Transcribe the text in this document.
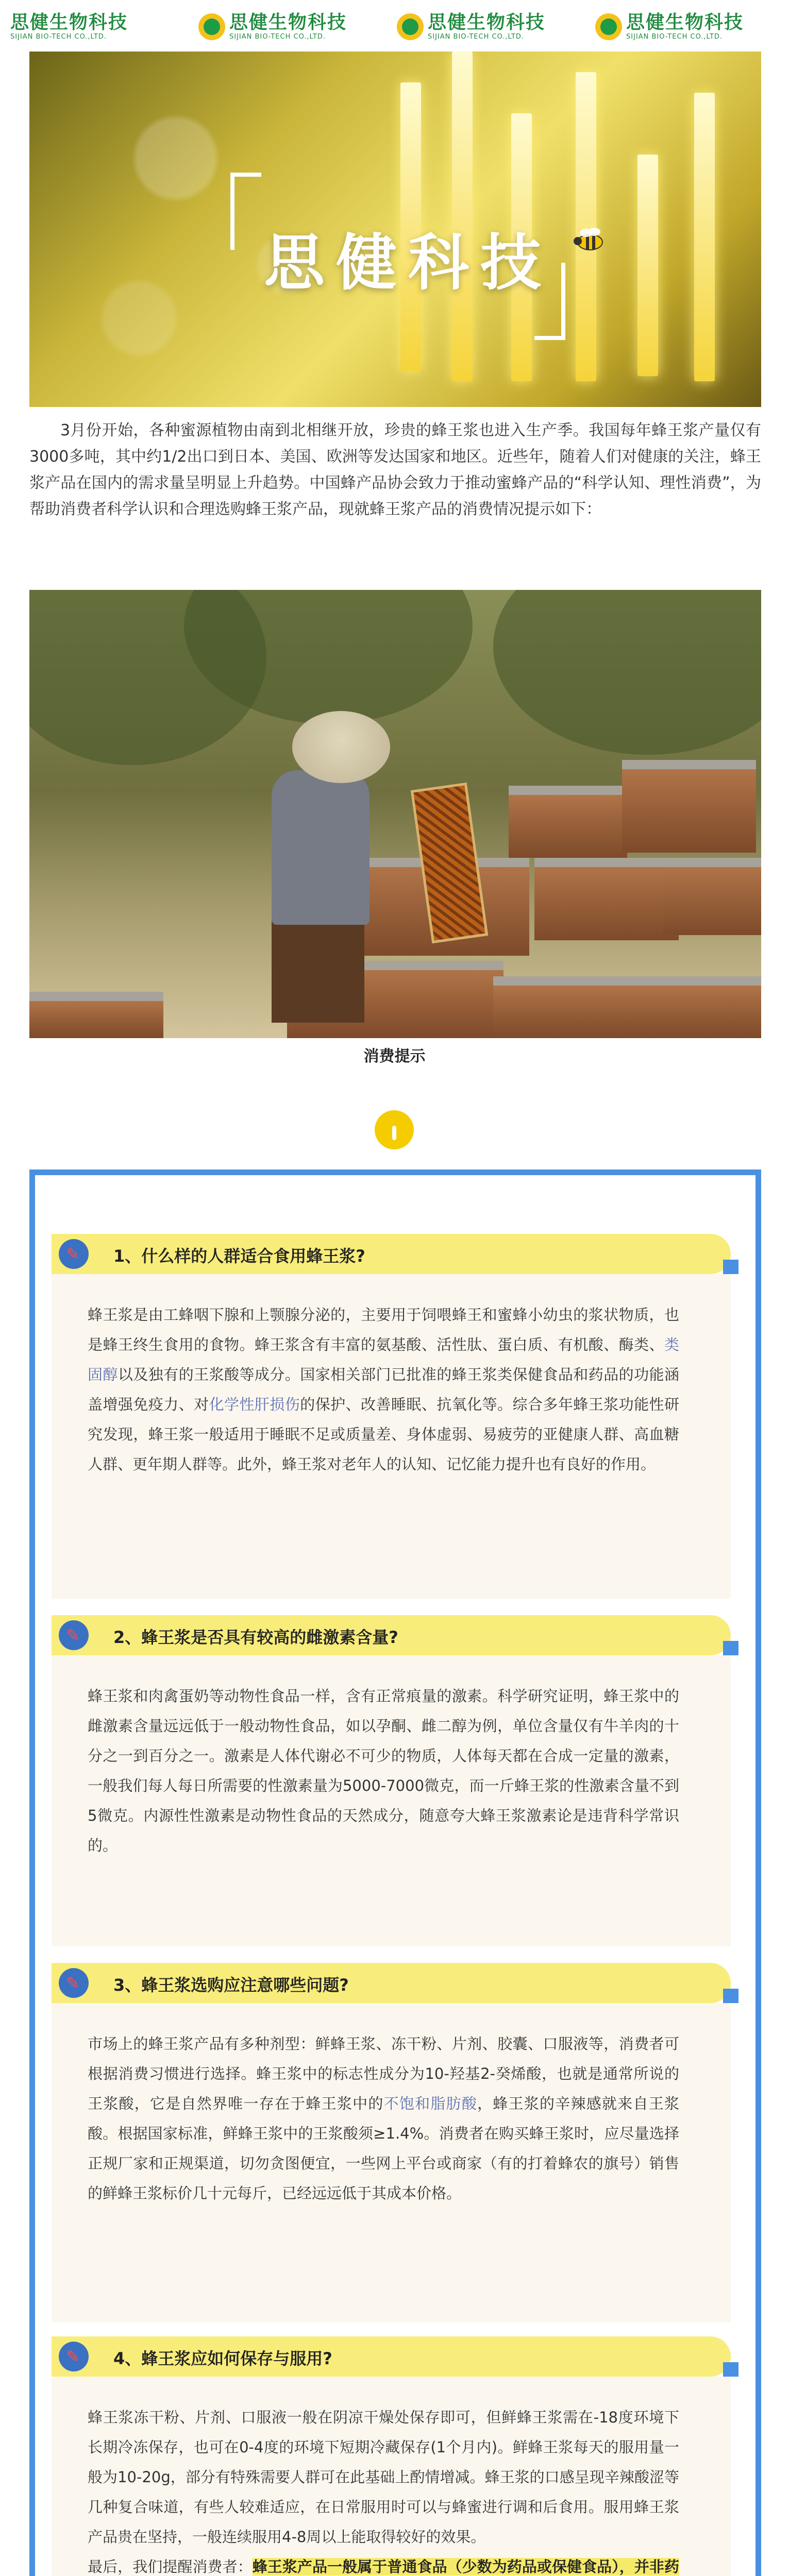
思健生物科技
SIJIAN BIO-TECH CO.,LTD.
思健生物科技
SIJIAN BIO-TECH CO.,LTD.
思健生物科技
SIJIAN BIO-TECH CO.,LTD.
思健生物科技
SIJIAN BIO-TECH CO.,LTD.
思健科技

3月份开始，各种蜜源植物由南到北相继开放，珍贵的蜂王浆也进入生产季。我国每年蜂王浆产量仅有3000多吨，其中约1/2出口到日本、美国、欧洲等发达国家和地区。近些年，随着人们对健康的关注，蜂王浆产品在国内的需求量呈明显上升趋势。中国蜂产品协会致力于推动蜜蜂产品的“科学认知、理性消费”，为帮助消费者科学认识和合理选购蜂王浆产品，现就蜂王浆产品的消费情况提示如下：

消费提示
✎ 1、什么样的人群适合食用蜂王浆?
蜂王浆是由工蜂咽下腺和上颚腺分泌的，主要用于饲喂蜂王和蜜蜂小幼虫的浆状物质，也是蜂王终生食用的食物。蜂王浆含有丰富的氨基酸、活性肽、蛋白质、有机酸、酶类、类固醇以及独有的王浆酸等成分。国家相关部门已批准的蜂王浆类保健食品和药品的功能涵盖增强免疫力、对化学性肝损伤的保护、改善睡眠、抗氧化等。综合多年蜂王浆功能性研究发现，蜂王浆一般适用于睡眠不足或质量差、身体虚弱、易疲劳的亚健康人群、高血糖人群、更年期人群等。此外，蜂王浆对老年人的认知、记忆能力提升也有良好的作用。
✎ 2、蜂王浆是否具有较高的雌激素含量?
蜂王浆和肉禽蛋奶等动物性食品一样，含有正常痕量的激素。科学研究证明，蜂王浆中的雌激素含量远远低于一般动物性食品，如以孕酮、雌二醇为例，单位含量仅有牛羊肉的十分之一到百分之一。激素是人体代谢必不可少的物质，人体每天都在合成一定量的激素，一般我们每人每日所需要的性激素量为5000-7000微克，而一斤蜂王浆的性激素含量不到5微克。内源性性激素是动物性食品的天然成分，随意夸大蜂王浆激素论是违背科学常识的。
✎ 3、蜂王浆选购应注意哪些问题?
市场上的蜂王浆产品有多种剂型：鲜蜂王浆、冻干粉、片剂、胶囊、口服液等，消费者可根据消费习惯进行选择。蜂王浆中的标志性成分为10-羟基2-癸烯酸，也就是通常所说的王浆酸，它是自然界唯一存在于蜂王浆中的不饱和脂肪酸，蜂王浆的辛辣感就来自王浆酸。根据国家标准，鲜蜂王浆中的王浆酸须≥1.4%。消费者在购买蜂王浆时，应尽量选择正规厂家和正规渠道，切勿贪图便宜，一些网上平台或商家（有的打着蜂农的旗号）销售的鲜蜂王浆标价几十元每斤，已经远远低于其成本价格。
✎ 4、蜂王浆应如何保存与服用?
蜂王浆冻干粉、片剂、口服液一般在阴凉干燥处保存即可，但鲜蜂王浆需在-18度环境下长期冷冻保存，也可在0-4度的环境下短期冷藏保存(1个月内)。鲜蜂王浆每天的服用量一般为10-20g，部分有特殊需要人群可在此基础上酌情增减。蜂王浆的口感呈现辛辣酸涩等几种复合味道，有些人较难适应，在日常服用时可以与蜂蜜进行调和后食用。服用蜂王浆产品贵在坚持，一般连续服用4-8周以上能取得较好的效果。
最后，我们提醒消费者：蜂王浆产品一般属于普通食品（少数为药品或保健食品），并非药
